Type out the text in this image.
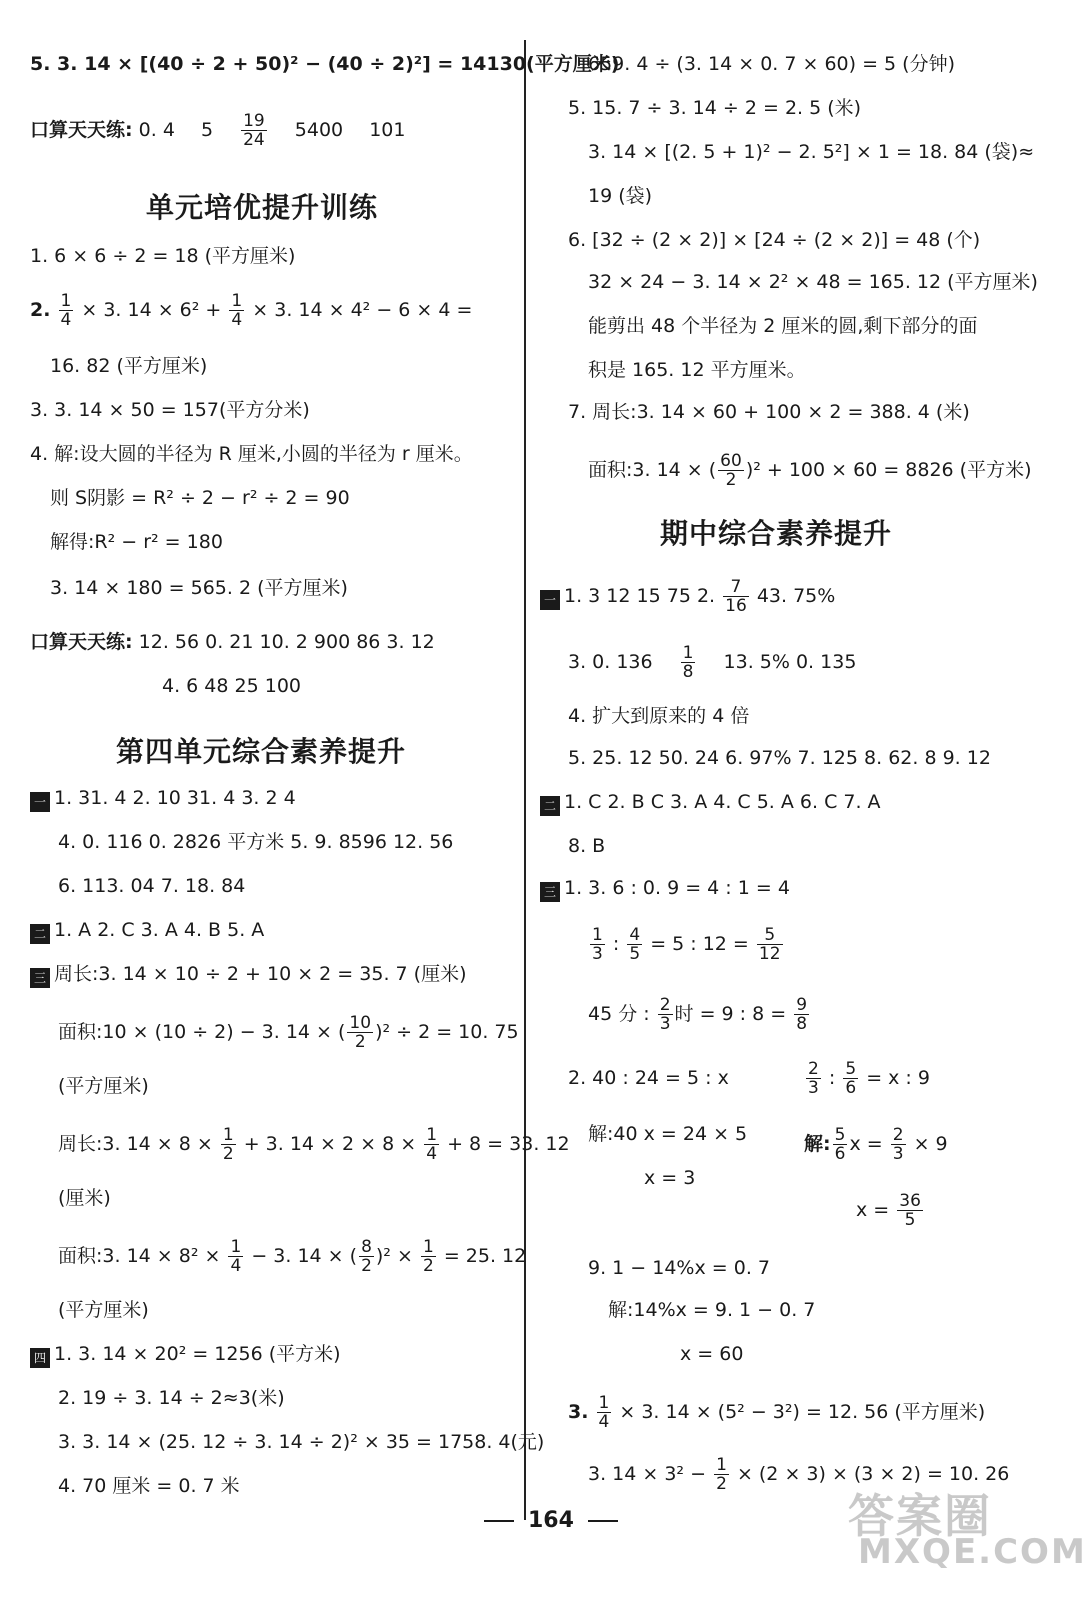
5. 3. 14 × [(40 ÷ 2 + 50)² − (40 ÷ 2)²] = 14130(平方厘米)
口算天天练: 0. 4 $5 \frac{19}{24} 5400$ 101
单元培优提升训练
1. 6 × 6 ÷ 2 = 18 (平方厘米)
2. $\frac{1}{4} \times 3$. $14 \times 6^2 + \frac{1}{4} \times 3$. 14 × 4² − 6 × 4 =
16. 82 (平方厘米)
3. 3. 14 × 50 = 157(平方分米)
4. 解:设大圆的半径为 R 厘米,小圆的半径为 r 厘米。
则 S阴影 = R² ÷ 2 − r² ÷ 2 = 90
解得:R² − r² = 180
3. 14 × 180 = 565. 2 (平方厘米)
口算天天练: 12. 56 0. 21 10. 2 900 86 3. 12
4. 6 48 25 100
第四单元综合素养提升
一 1. 31. 4 2. 10 31. 4 3. 2 4
4. 0. 116 0. 2826 平方米 5. 9. 8596 12. 56
6. 113. 04 7. 18. 84
二 1. A 2. C 3. A 4. B 5. A
三 周长:3. 14 × 10 ÷ 2 + 10 × 2 = 35. 7 (厘米)
面积:10 × (10 ÷ 2) − 3. 14 × ( $\frac{10}{2} )^2 \div 2 = 10$. 75
(平方厘米)
周长:3. $14 \times 8 \times \frac{1}{2} + 3$. $14 \times 2 \times 8 \times \frac{1}{4} + 8 = 33$. 12
(厘米)
面积:3. $14 \times 8^2 \times \frac{1}{4} - 3$. 14 × ( $\frac{8}{2} )^2 \times \frac{1}{2} = 25$. 12
(平方厘米)
四 1. 3. 14 × 20² = 1256 (平方米)
2. 19 ÷ 3. 14 ÷ 2≈3(米)
3. 3. 14 × (25. 12 ÷ 3. 14 ÷ 2)² × 35 = 1758. 4(元)
4. 70 厘米 = 0. 7 米
659. 4 ÷ (3. 14 × 0. 7 × 60) = 5 (分钟)
5. 15. 7 ÷ 3. 14 ÷ 2 = 2. 5 (米)
3. 14 × [(2. 5 + 1)² − 2. 5²] × 1 = 18. 84 (袋)≈
19 (袋)
6. [32 ÷ (2 × 2)] × [24 ÷ (2 × 2)] = 48 (个)
32 × 24 − 3. 14 × 2² × 48 = 165. 12 (平方厘米)
能剪出 48 个半径为 2 厘米的圆,剩下部分的面
积是 165. 12 平方厘米。
7. 周长:3. 14 × 60 + 100 × 2 = 388. 4 (米)
面积:3. 14 × ( $\frac{60}{2} )^2 + 100 \times 60 = 8826$ (平方米)
期中综合素养提升
一 1. 3 12 15 75 2. $\frac{7}{16} 43$. 75%
3. 0. $136 \frac{1}{8} 13$. 5% 0. 135
4. 扩大到原来的 4 倍
5. 25. 12 50. 24 6. 97% 7. 125 8. 62. 8 9. 12
二 1. C 2. B C 3. A 4. C 5. A 6. C 7. A
8. B
三 1. 3. 6 : 0. 9 = 4 : 1 = 4
$\frac{1}{3}$ : $\frac{4}{5} = 5$ : $12 = \frac{5}{12}$
45 分 : $\frac{2}{3}$ 时 = 9 : $8 = \frac{9}{8}$
2. 40 : 24 = 5 : x	$\frac{2}{3}$ : $\frac{5}{6} = x$ : 9
解:40 x = 24 × 5	解: $\frac{5}{6}$ $x = \frac{2}{3} \times 9$
x = 3
$x = \frac{36}{5}$
9. 1 − 14%x = 0. 7
解:14%x = 9. 1 − 0. 7
x = 60
3. $\frac{1}{4} \times 3$. 14 × (5² − 3²) = 12. 56 (平方厘米)
3. $14 \times 3^2 - \frac{1}{2} \times (2 \times 3) \times (3 \times 2) = 10$. 26
164	答案圈
MXQE.COM
